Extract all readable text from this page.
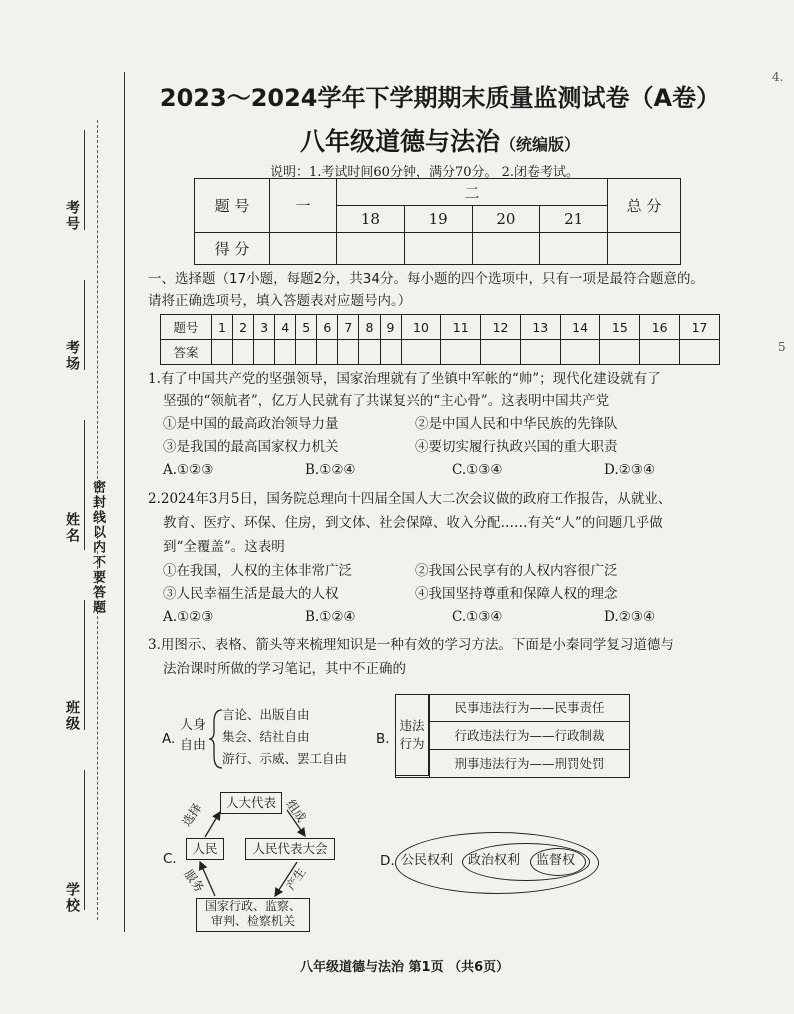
考号
考场
姓名 密封线以内不要答题
班级
学校
4.
5
2023～2024学年下学期期末质量监测试卷（A卷）
八年级道德与法治（统编版）
说明：1.考试时间60分钟，满分70分。 2.闭卷考试。
题 号	一	二				总 分
		18	19	20	21	
得 分						
一、选择题（17小题，每题2分，共34分。每小题的四个选项中，只有一项是最符合题意的。
请将正确选项号，填入答题表对应题号内。）
题号	1	2	3	4	5	6	7	8	9	10	11	12	13	14	15	16	17
答案																	
1.有了中国共产党的坚强领导，国家治理就有了坐镇中军帐的“帅”；现代化建设就有了
坚强的“领航者”，亿万人民就有了共谋复兴的“主心骨”。这表明中国共产党
①是中国的最高政治领导力量	②是中国人民和中华民族的先锋队
③是我国的最高国家权力机关	④要切实履行执政兴国的重大职责
A.①②③	B.①②④	C.①③④	D.②③④
2.2024年3月5日，国务院总理向十四届全国人大二次会议做的政府工作报告，从就业、
教育、医疗、环保、住房，到文体、社会保障、收入分配……有关“人”的问题几乎做
到“全覆盖”。这表明
①在我国，人权的主体非常广泛	②我国公民享有的人权内容很广泛
③人民幸福生活是最大的人权	④我国坚持尊重和保障人权的理念
A.①②③	B.①②④	C.①③④	D.②③④
3.用图示、表格、箭头等来梳理知识是一种有效的学习方法。下面是小秦同学复习道德与
法治课时所做的学习笔记，其中不正确的
A.
人身
自由
言论、出版自由
集会、结社自由
游行、示威、罢工自由
B.
违法行为
民事违法行为——民事责任
行政违法行为——行政制裁
刑事违法行为——刑罚处罚
C.
人大代表
人民	人民代表大会
国家行政、监察、
审判、检察机关
选择	组成
产生
服务
D. 公民权利 政治权利 监督权
八年级道德与法治 第1页 （共6页）
